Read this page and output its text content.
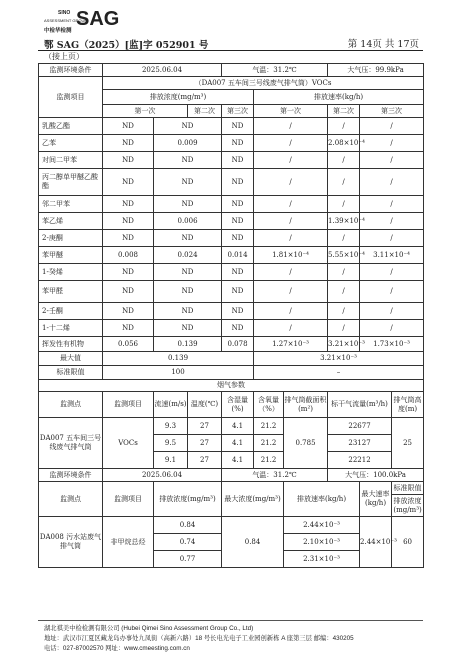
SINO SAG
ASSESSMENT GROUP
中检华检测
鄂 SAG（2025）[监]字 052901 号	第 14页 共 17页
（接上页）
监测环境条件	2025.06.04			气温：31.2℃			大气压：99.9kPa		
监测项目	（DA007 五车间三号线废气排气筒）VOCs								
	排放浓度(mg/m³)				排放速率(kg/h)				
	第一次		第二次	第三次	第一次		第二次	第三次	
乳酸乙酯	ND	ND		ND	/		/	/	
乙苯	ND	0.009		ND	/		2.08×10⁻⁴	/	
对间二甲苯	ND	ND		ND	/		/	/	
丙二醇单甲醚乙酸酯	ND	ND		ND	/		/	/	
邻二甲苯	ND	ND		ND	/		/	/	
苯乙烯	ND	0.006		ND	/		1.39×10⁻⁴	/	
2-庚酮	ND	ND		ND	/		/	/	
苯甲醚	0.008	0.024		0.014	1.81×10⁻⁴		5.55×10⁻⁴	3.11×10⁻⁴	
1-癸烯	ND	ND		ND	/		/	/	
苯甲醛	ND	ND		ND	/		/	/	
2-壬酮	ND	ND		ND	/		/	/	
1-十二烯	ND	ND		ND	/		/	/	
挥发性有机物	0.056	0.139		0.078	1.27×10⁻³		3.21×10⁻³	1.73×10⁻³	
最大值	0.139				3.21×10⁻³				
标准限值	100				–				
烟气参数									
监测点	监测项目	流速(m/s)	温度(℃)	含湿量(%)	含氧量（%）	排气筒截面积(m²)	标干气流量(m³/h)		排气筒高度(m)
DA007 五车间三号线废气排气筒	VOCs	9.3	27	4.1	21.2	0.785	22677		25
		9.5	27	4.1	21.2		23127		
		9.1	27	4.1	21.2		22212		
监测环境条件	2025.06.04			气温：31.2℃			大气压：100.0kPa		
监测点	监测项目	排放浓度(mg/m³)		最大浓度(mg/m³)		排放速率(kg/h)		最大速率(kg/h)	标准限值
									排放浓度(mg/m³)
DA008 污水站废气排气筒	非甲烷总烃	0.84		0.84		2.44×10⁻³		2.44×10⁻³	60
		0.74				2.10×10⁻³			
		0.77				2.31×10⁻³			
湖北祺美中检检测有限公司 (Hubei Qimei Sino Assessment Group Co., Ltd)
地址：武汉市江夏区藏龙岛办事处九凤街（高新六路）18 号长电光电子工业园创新栋 A 座第三层 邮编：430205
电话：027-87002570 网址：www.cmeesting.com.cn
